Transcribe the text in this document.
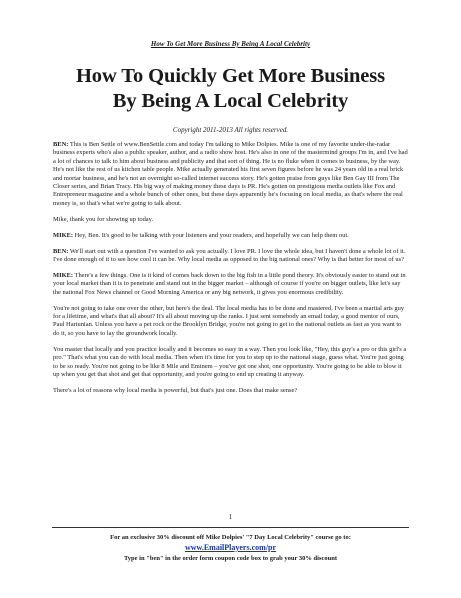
How To Get More Business By Being A Local Celebrity
How To Quickly Get More Business
By Being A Local Celebrity
Copyright 2011-2013 All rights reserved.

BEN: This is Ben Settle of www.BenSettle.com and today I'm talking to Mike Dolpies. Mike is one of my favorite under-the-radar business experts who's also a public speaker, author, and a radio show host. He's also in one of the mastermind groups I'm in, and I've had a lot of chances to talk to him about business and publicity and that sort of thing. He is no fluke when it comes to business, by the way. He's not like the rest of us kitchen table people. Mike actually generated his first seven figures before he was 24 years old in a real brick and mortar business, and he's not an overnight so-called internet success story. He's gotten praise from guys like Ben Gay III from The Closer series, and Brian Tracy. His big way of making money these days is PR. He's gotten on prestigious media outlets like Fox and Entrepreneur magazine and a whole bunch of other ones, but these days apparently he's focusing on local media, as that's where the real money is, so that's what we're going to talk about.

Mike, thank you for showing up today.

MIKE: Hey, Ben. It's good to be talking with your listeners and your readers, and hopefully we can help them out.

BEN: We'll start out with a question I've wanted to ask you actually. I love PR. I love the whole idea, but I haven't done a whole lot of it. I've done enough of it to see how cool it can be. Why local media as opposed to the big national ones? Why is that better for most of us?

MIKE: There's a few things. One is it kind of comes back down to the big fish in a little pond theory. It's obviously easier to stand out in your local market than it is to penetrate and stand out in the bigger market – although of course if you're on bigger outlets, like let's say the national Fox News channel or Good Morning America or any big network, it gives you enormous credibility.

You're not going to take one over the other, but here's the deal. The local media has to be done and mastered. I've been a martial arts guy for a lifetime, and what's that all about? It's all about moving up the ranks. I just sent somebody an email today, a good mentor of ours, Paul Hartunian. Unless you have a pet rock or the Brooklyn Bridge, you're not going to get to the national outlets as fast as you want to do it, so you have to lay the groundwork locally.

You master that locally and you practice locally and it becomes so easy in a way. Then you look like, "Hey, this guy's a pro or this girl's a pro." That's what you can do with local media. Then when it's time for you to step up to the national stage, guess what. You're just going to be so ready. You're not going to be like 8 Mile and Eminem – you've got one shot, one opportunity. You're going to be able to blow it up when you get that shot and get that opportunity, and you're going to end up creating it anyway.

There's a lot of reasons why local media is powerful, but that's just one. Does that make sense?

1
For an exclusive 30% discount off Mike Dolpies' "7 Day Local Celebrity" course go to:
www.EmailPlayers.com/pr
Type in "ben" in the order form coupon code box to grab your 30% discount
